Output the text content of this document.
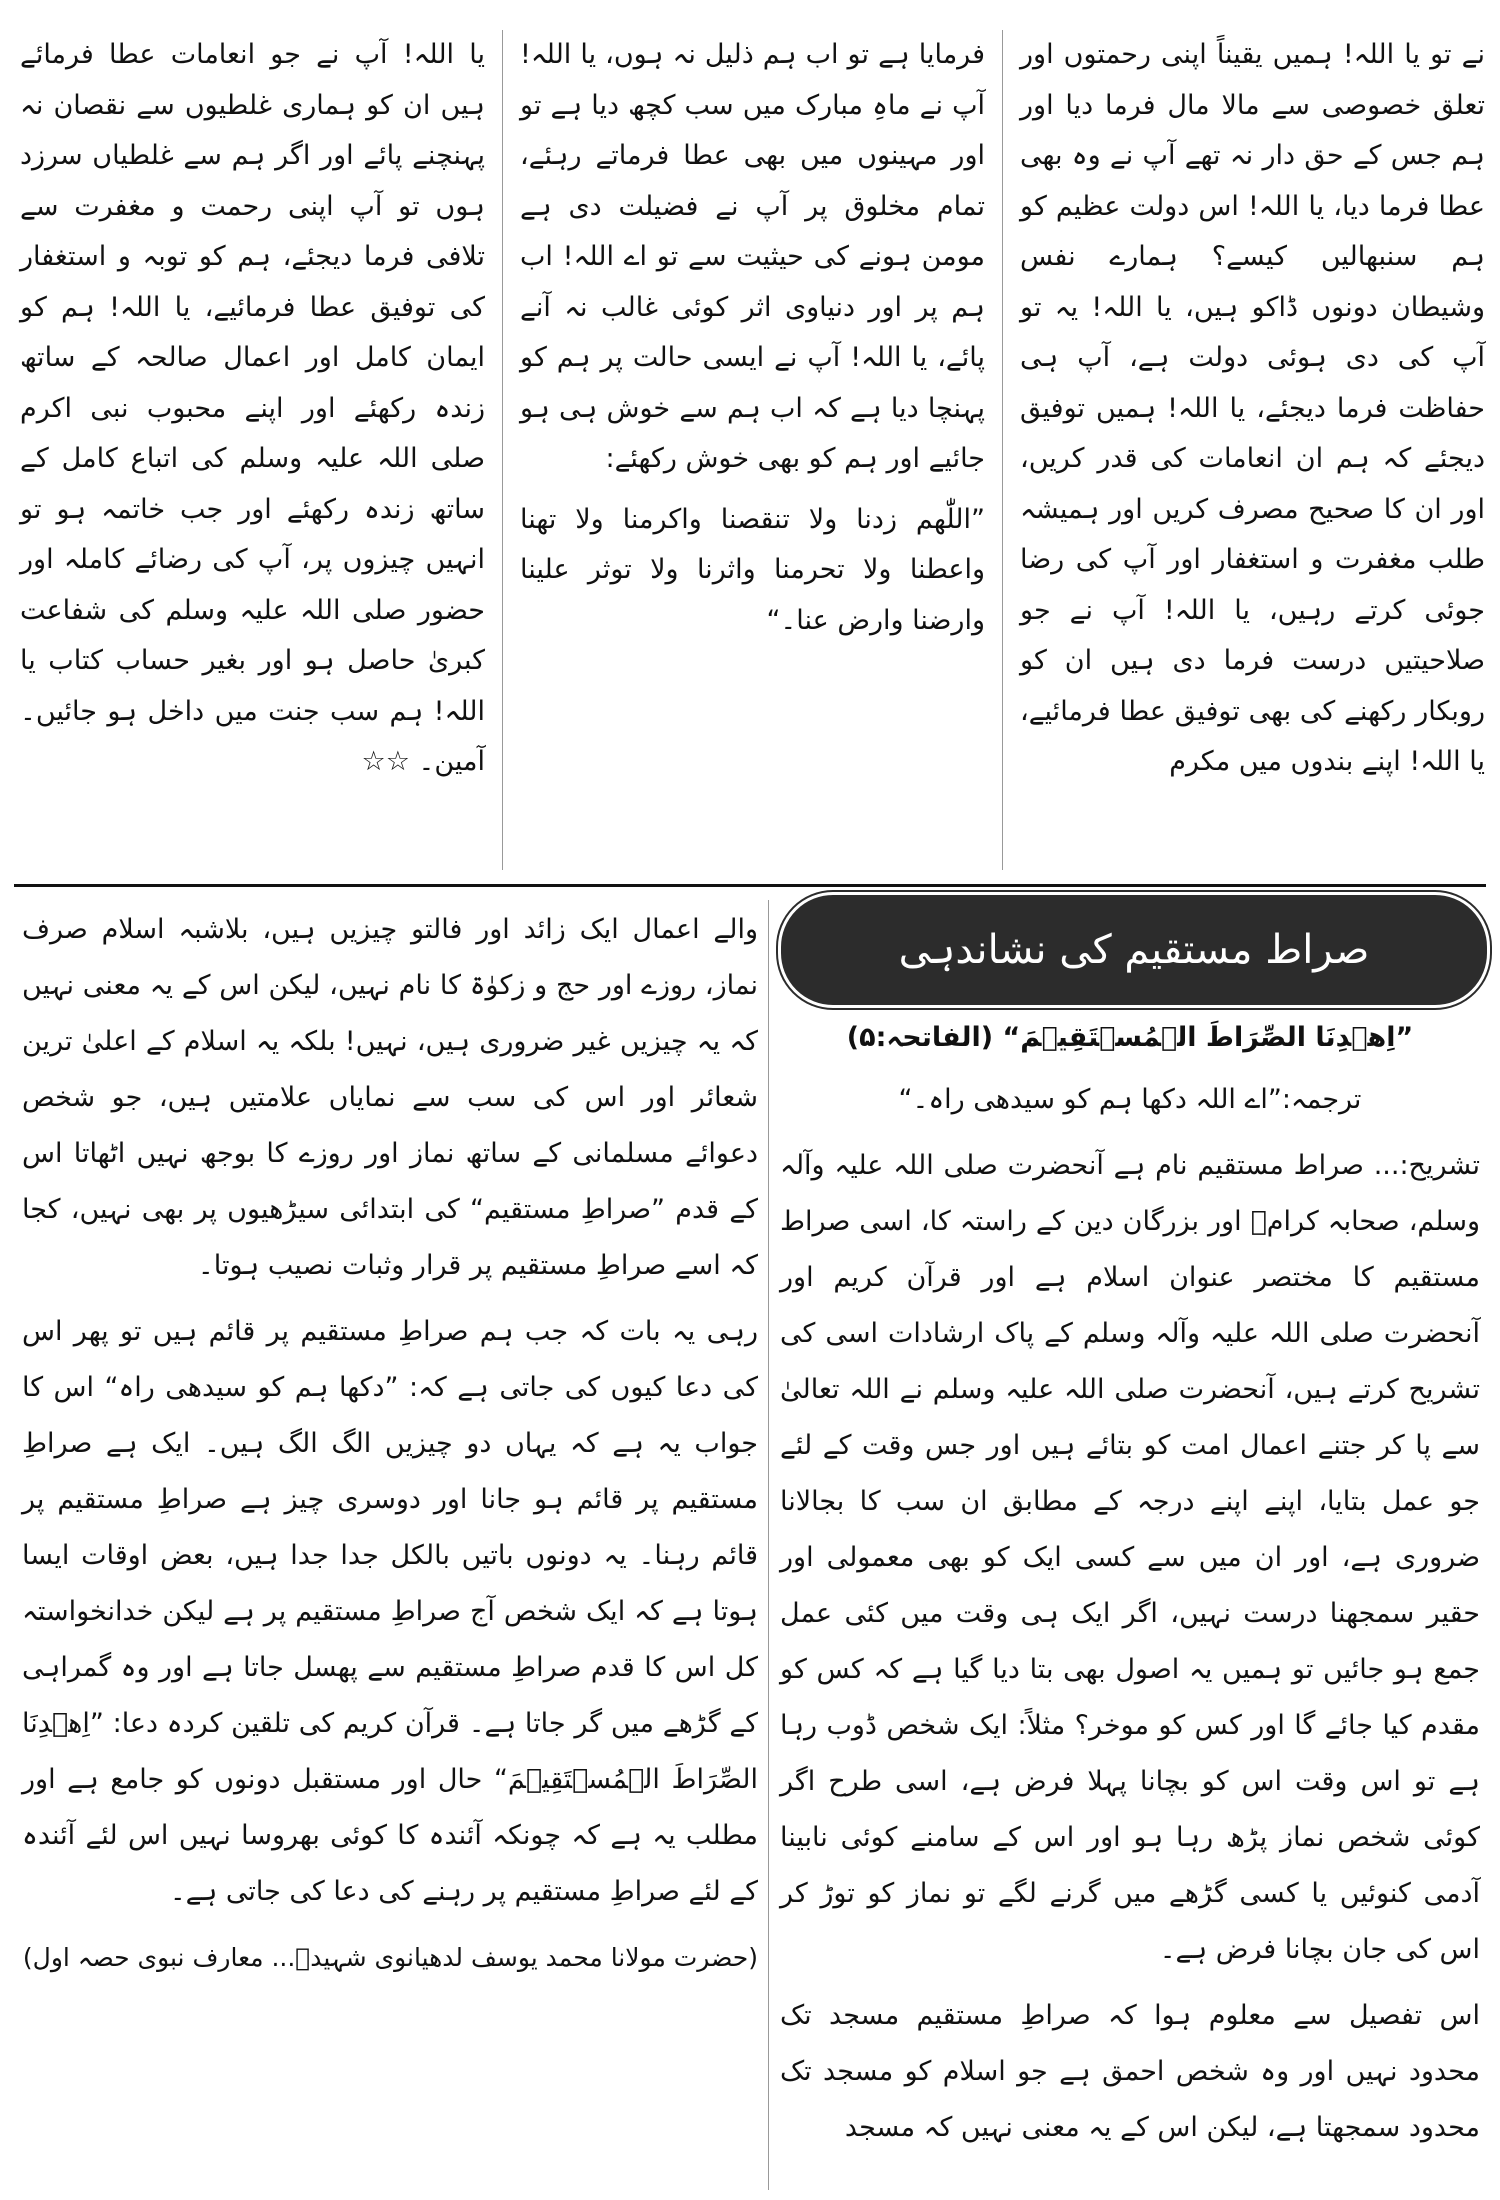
نے تو یا اللہ! ہمیں یقیناً اپنی رحمتوں اور تعلق خصوصی سے مالا مال فرما دیا اور ہم جس کے حق دار نہ تھے آپ نے وہ بھی عطا فرما دیا، یا اللہ! اس دولت عظیم کو ہم سنبھالیں کیسے؟ ہمارے نفس وشیطان دونوں ڈاکو ہیں، یا اللہ! یہ تو آپ کی دی ہوئی دولت ہے، آپ ہی حفاظت فرما دیجئے، یا اللہ! ہمیں توفیق دیجئے کہ ہم ان انعامات کی قدر کریں، اور ان کا صحیح مصرف کریں اور ہمیشہ طلب مغفرت و استغفار اور آپ کی رضا جوئی کرتے رہیں، یا اللہ! آپ نے جو صلاحیتیں درست فرما دی ہیں ان کو روبکار رکھنے کی بھی توفیق عطا فرمائیے، یا اللہ! اپنے بندوں میں مکرم

فرمایا ہے تو اب ہم ذلیل نہ ہوں، یا اللہ! آپ نے ماہِ مبارک میں سب کچھ دیا ہے تو اور مہینوں میں بھی عطا فرماتے رہئے، تمام مخلوق پر آپ نے فضیلت دی ہے مومن ہونے کی حیثیت سے تو اے اللہ! اب ہم پر اور دنیاوی اثر کوئی غالب نہ آنے پائے، یا اللہ! آپ نے ایسی حالت پر ہم کو پہنچا دیا ہے کہ اب ہم سے خوش ہی ہو جائیے اور ہم کو بھی خوش رکھئے:

”اللّٰھم زدنا ولا تنقصنا واکرمنا ولا تھنا واعطنا ولا تحرمنا واثرنا ولا توثر علینا وارضنا وارض عنا۔“

یا اللہ! آپ نے جو انعامات عطا فرمائے ہیں ان کو ہماری غلطیوں سے نقصان نہ پہنچنے پائے اور اگر ہم سے غلطیاں سرزد ہوں تو آپ اپنی رحمت و مغفرت سے تلافی فرما دیجئے، ہم کو توبہ و استغفار کی توفیق عطا فرمائیے، یا اللہ! ہم کو ایمان کامل اور اعمال صالحہ کے ساتھ زندہ رکھئے اور اپنے محبوب نبی اکرم صلی اللہ علیہ وسلم کی اتباع کامل کے ساتھ زندہ رکھئے اور جب خاتمہ ہو تو انہیں چیزوں پر، آپ کی رضائے کاملہ اور حضور صلی اللہ علیہ وسلم کی شفاعت کبریٰ حاصل ہو اور بغیر حساب کتاب یا اللہ! ہم سب جنت میں داخل ہو جائیں۔ آمین۔ ☆☆

صراط مستقیم کی نشاندہی

”اِھۡدِنَا الصِّرَاطَ الۡمُسۡتَقِیۡمَ“ (الفاتحہ:۵)

ترجمہ:”اے اللہ دکھا ہم کو سیدھی راہ۔“

تشریح:... صراط مستقیم نام ہے آنحضرت صلی اللہ علیہ وآلہ وسلم، صحابہ کرامؓ اور بزرگان دین کے راستہ کا، اسی صراط مستقیم کا مختصر عنوان اسلام ہے اور قرآن کریم اور آنحضرت صلی اللہ علیہ وآلہ وسلم کے پاک ارشادات اسی کی تشریح کرتے ہیں، آنحضرت صلی اللہ علیہ وسلم نے اللہ تعالیٰ سے پا کر جتنے اعمال امت کو بتائے ہیں اور جس وقت کے لئے جو عمل بتایا، اپنے اپنے درجہ کے مطابق ان سب کا بجالانا ضروری ہے، اور ان میں سے کسی ایک کو بھی معمولی اور حقیر سمجھنا درست نہیں، اگر ایک ہی وقت میں کئی عمل جمع ہو جائیں تو ہمیں یہ اصول بھی بتا دیا گیا ہے کہ کس کو مقدم کیا جائے گا اور کس کو موخر؟ مثلاً: ایک شخص ڈوب رہا ہے تو اس وقت اس کو بچانا پہلا فرض ہے، اسی طرح اگر کوئی شخص نماز پڑھ رہا ہو اور اس کے سامنے کوئی نابینا آدمی کنوئیں یا کسی گڑھے میں گرنے لگے تو نماز کو توڑ کر اس کی جان بچانا فرض ہے۔

اس تفصیل سے معلوم ہوا کہ صراطِ مستقیم مسجد تک محدود نہیں اور وہ شخص احمق ہے جو اسلام کو مسجد تک محدود سمجھتا ہے، لیکن اس کے یہ معنی نہیں کہ مسجد

والے اعمال ایک زائد اور فالتو چیزیں ہیں، بلاشبہ اسلام صرف نماز، روزے اور حج و زکوٰۃ کا نام نہیں، لیکن اس کے یہ معنی نہیں کہ یہ چیزیں غیر ضروری ہیں، نہیں! بلکہ یہ اسلام کے اعلیٰ ترین شعائر اور اس کی سب سے نمایاں علامتیں ہیں، جو شخص دعوائے مسلمانی کے ساتھ نماز اور روزے کا بوجھ نہیں اٹھاتا اس کے قدم ”صراطِ مستقیم“ کی ابتدائی سیڑھیوں پر بھی نہیں، کجا کہ اسے صراطِ مستقیم پر قرار وثبات نصیب ہوتا۔

رہی یہ بات کہ جب ہم صراطِ مستقیم پر قائم ہیں تو پھر اس کی دعا کیوں کی جاتی ہے کہ: ”دکھا ہم کو سیدھی راہ“ اس کا جواب یہ ہے کہ یہاں دو چیزیں الگ الگ ہیں۔ ایک ہے صراطِ مستقیم پر قائم ہو جانا اور دوسری چیز ہے صراطِ مستقیم پر قائم رہنا۔ یہ دونوں باتیں بالکل جدا جدا ہیں، بعض اوقات ایسا ہوتا ہے کہ ایک شخص آج صراطِ مستقیم پر ہے لیکن خدانخواستہ کل اس کا قدم صراطِ مستقیم سے پھسل جاتا ہے اور وہ گمراہی کے گڑھے میں گر جاتا ہے۔ قرآن کریم کی تلقین کردہ دعا: ”اِھۡدِنَا الصِّرَاطَ الۡمُسۡتَقِیۡمَ“ حال اور مستقبل دونوں کو جامع ہے اور مطلب یہ ہے کہ چونکہ آئندہ کا کوئی بھروسا نہیں اس لئے آئندہ کے لئے صراطِ مستقیم پر رہنے کی دعا کی جاتی ہے۔

(حضرت مولانا محمد یوسف لدھیانوی شہیدؒ... معارف نبوی حصہ اول)
